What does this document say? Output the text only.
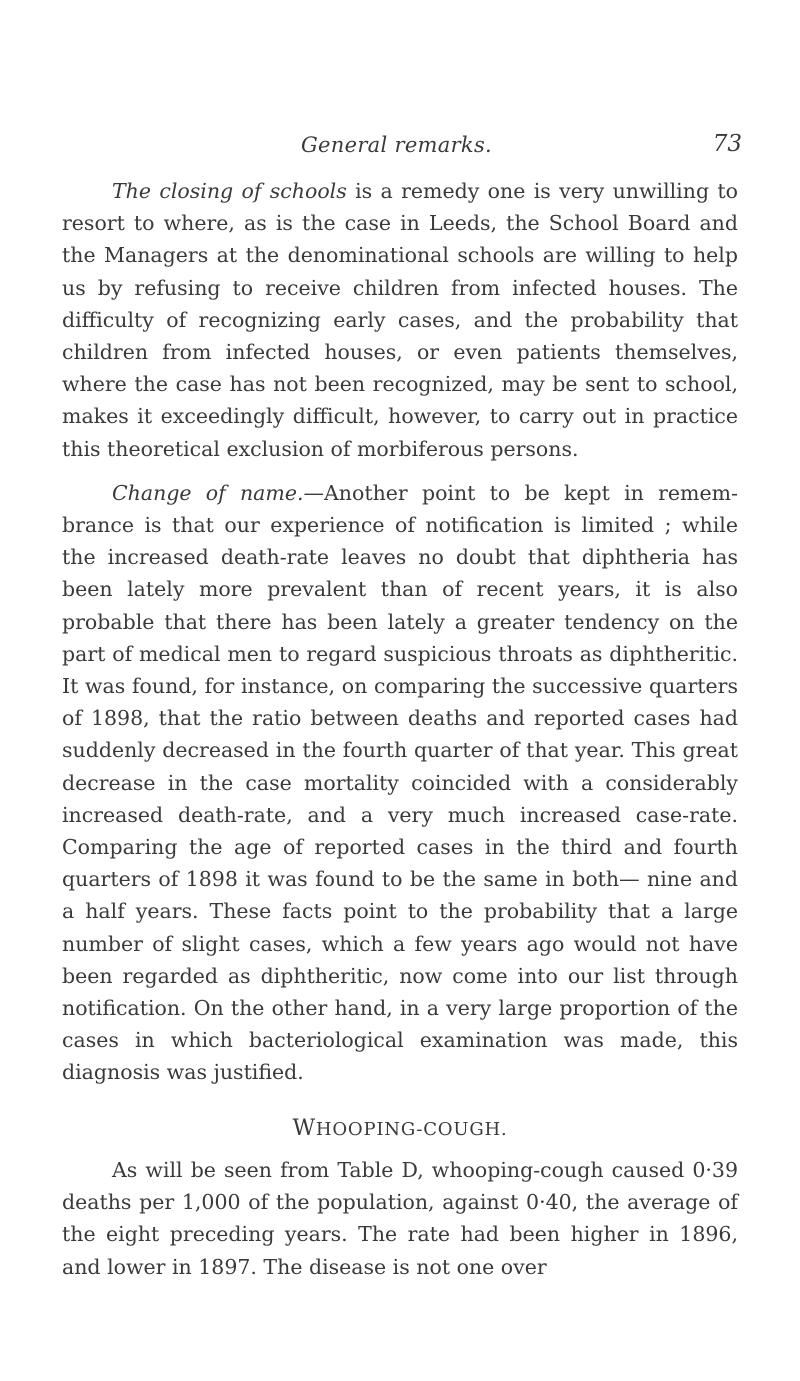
General remarks.	73

The closing of schools is a remedy one is very unwilling to resort to where, as is the case in Leeds, the School Board and the Managers at the denominational schools are willing to help us by refusing to receive children from infected houses. The difficulty of recognizing early cases, and the probability that children from infected houses, or even patients themselves, where the case has not been recognized, may be sent to school, makes it exceedingly difficult, however, to carry out in practice this theoretical exclusion of morbiferous persons.

Change of name.—Another point to be kept in remembrance is that our experience of notification is limited ; while the increased death-rate leaves no doubt that diphtheria has been lately more prevalent than of recent years, it is also probable that there has been lately a greater tendency on the part of medical men to regard suspicious throats as diphtheritic. It was found, for instance, on comparing the successive quarters of 1898, that the ratio between deaths and reported cases had suddenly decreased in the fourth quarter of that year. This great decrease in the case mortality coincided with a considerably increased death-rate, and a very much increased case-rate. Comparing the age of reported cases in the third and fourth quarters of 1898 it was found to be the same in both— nine and a half years. These facts point to the probability that a large number of slight cases, which a few years ago would not have been regarded as diphtheritic, now come into our list through notification. On the other hand, in a very large proportion of the cases in which bacteriological examination was made, this diagnosis was justified.

WHOOPING-COUGH.

As will be seen from Table D, whooping-cough caused 0·39 deaths per 1,000 of the population, against 0·40, the average of the eight preceding years. The rate had been higher in 1896, and lower in 1897. The disease is not one over
